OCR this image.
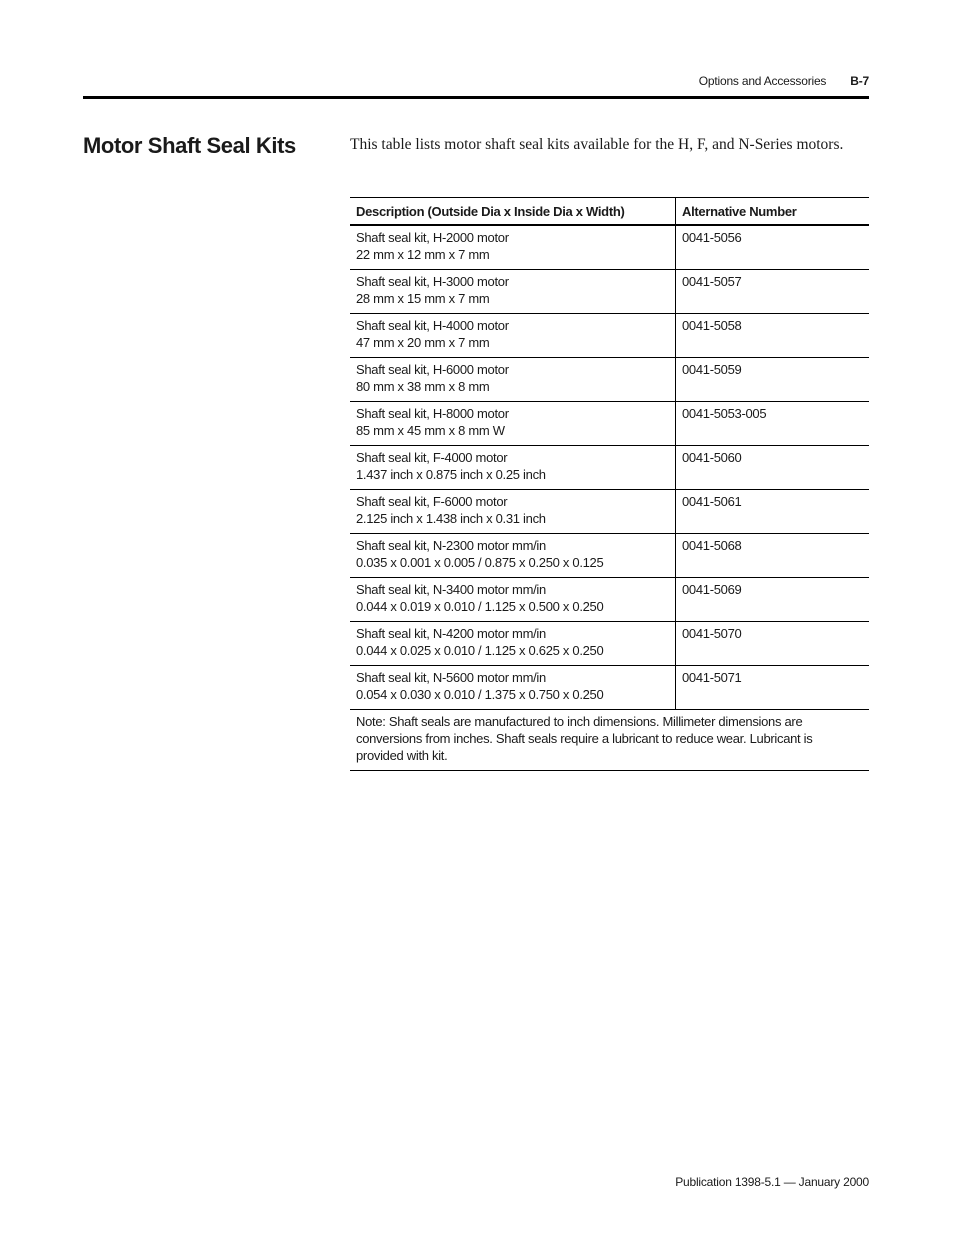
Options and Accessories B-7
Motor Shaft Seal Kits	This table lists motor shaft seal kits available for the H, F, and N-Series motors.

Description (Outside Dia x Inside Dia x Width)	Alternative Number

Shaft seal kit, H-2000 motor
22 mm x 12 mm x 7 mm	0041-5056

Shaft seal kit, H-3000 motor
28 mm x 15 mm x 7 mm	0041-5057

Shaft seal kit, H-4000 motor
47 mm x 20 mm x 7 mm	0041-5058

Shaft seal kit, H-6000 motor
80 mm x 38 mm x 8 mm	0041-5059

Shaft seal kit, H-8000 motor
85 mm x 45 mm x 8 mm W	0041-5053-005

Shaft seal kit, F-4000 motor
1.437 inch x 0.875 inch x 0.25 inch	0041-5060

Shaft seal kit, F-6000 motor
2.125 inch x 1.438 inch x 0.31 inch	0041-5061

Shaft seal kit, N-2300 motor mm/in
0.035 x 0.001 x 0.005 / 0.875 x 0.250 x 0.125	0041-5068

Shaft seal kit, N-3400 motor mm/in
0.044 x 0.019 x 0.010 / 1.125 x 0.500 x 0.250	0041-5069

Shaft seal kit, N-4200 motor mm/in
0.044 x 0.025 x 0.010 / 1.125 x 0.625 x 0.250	0041-5070

Shaft seal kit, N-5600 motor mm/in
0.054 x 0.030 x 0.010 / 1.375 x 0.750 x 0.250	0041-5071
Note: Shaft seals are manufactured to inch dimensions. Millimeter dimensions are conversions from inches. Shaft seals require a lubricant to reduce wear. Lubricant is provided with kit.	
Publication 1398-5.1 — January 2000
